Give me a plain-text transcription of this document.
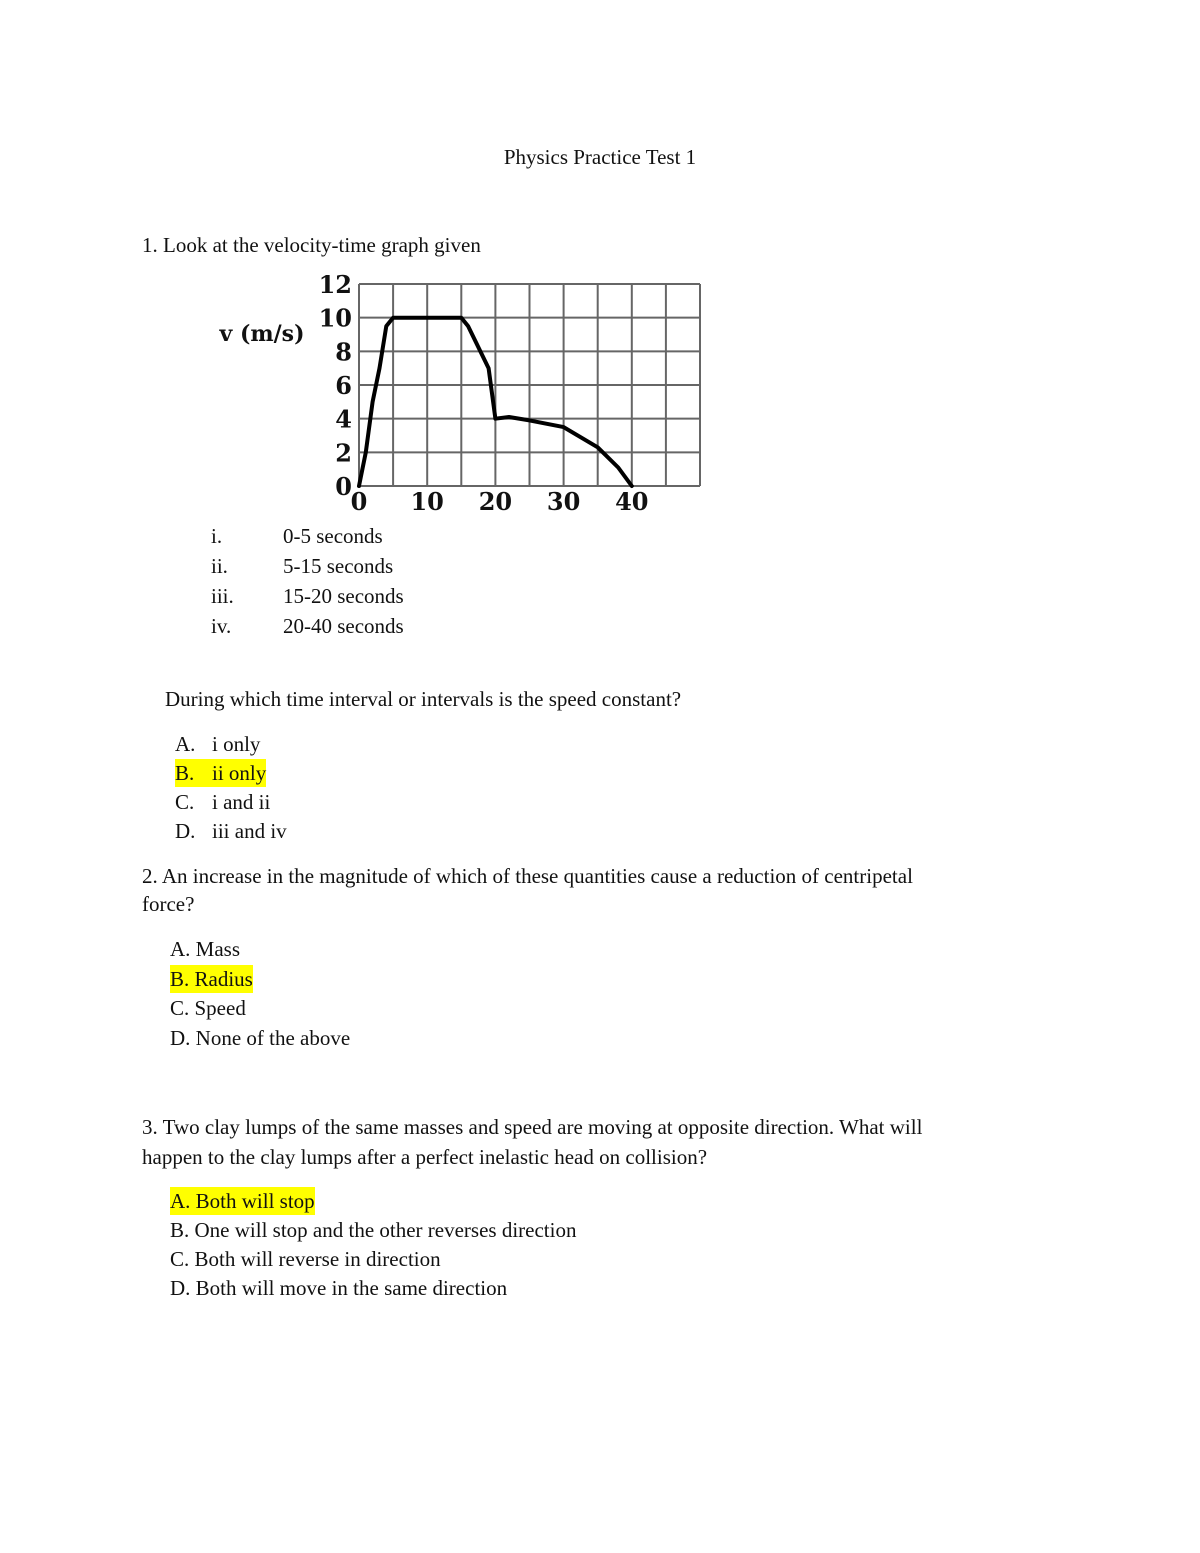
Physics Practice Test 1
1. Look at the velocity-time graph given
0
2
4
6
8
10
12
0 10 20 30 40
v (m/s)
i.	0-5 seconds
ii.	5-15 seconds
iii. 15-20 seconds
iv. 20-40 seconds
During which time interval or intervals is the speed constant?
A. i only
B. ii only
C. i and ii
D. iii and iv
2. An increase in the magnitude of which of these quantities cause a reduction of centripetal
force?
A. Mass
B. Radius
C. Speed
D. None of the above
3. Two clay lumps of the same masses and speed are moving at opposite direction. What will
happen to the clay lumps after a perfect inelastic head on collision?
A. Both will stop
B. One will stop and the other reverses direction
C. Both will reverse in direction
D. Both will move in the same direction
